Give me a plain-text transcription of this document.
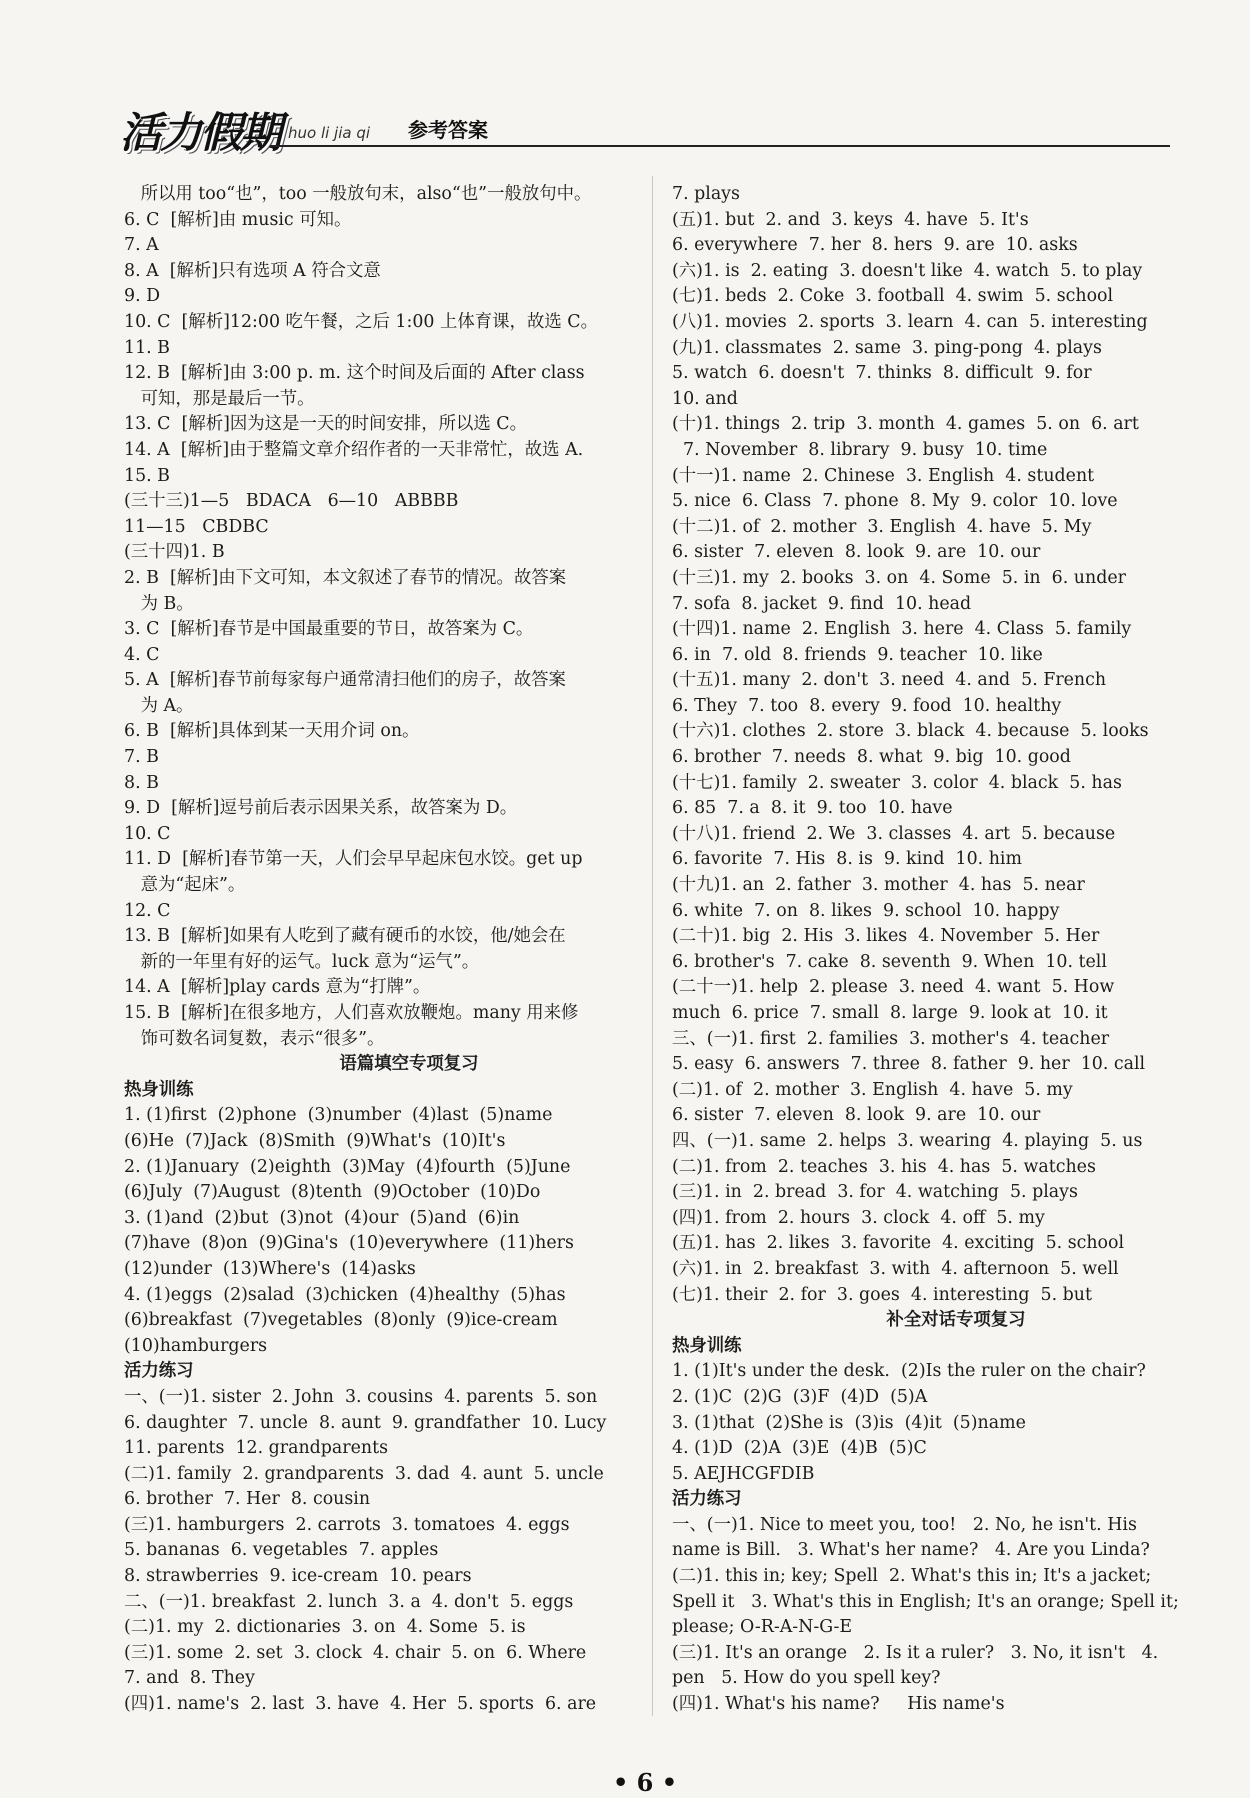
活力假期 huo li jia qi 参考答案
所以用 too“也”，too 一般放句末，also“也”一般放句中。
6. C  [解析]由 music 可知。
7. A
8. A  [解析]只有选项 A 符合文意
9. D
10. C  [解析]12:00 吃午餐，之后 1:00 上体育课，故选 C。
11. B
12. B  [解析]由 3:00 p. m. 这个时间及后面的 After class
可知，那是最后一节。
13. C  [解析]因为这是一天的时间安排，所以选 C。
14. A  [解析]由于整篇文章介绍作者的一天非常忙，故选 A.
15. B
(三十三)1—5   BDACA   6—10   ABBBB
11—15   CBDBC
(三十四)1. B
2. B  [解析]由下文可知，本文叙述了春节的情况。故答案
为 B。
3. C  [解析]春节是中国最重要的节日，故答案为 C。
4. C
5. A  [解析]春节前每家每户通常清扫他们的房子，故答案
为 A。
6. B  [解析]具体到某一天用介词 on。
7. B
8. B
9. D  [解析]逗号前后表示因果关系，故答案为 D。
10. C
11. D  [解析]春节第一天，人们会早早起床包水饺。get up
意为“起床”。
12. C
13. B  [解析]如果有人吃到了藏有硬币的水饺，他/她会在
新的一年里有好的运气。luck 意为“运气”。
14. A  [解析]play cards 意为“打牌”。
15. B  [解析]在很多地方，人们喜欢放鞭炮。many 用来修
饰可数名词复数，表示“很多”。
语篇填空专项复习
热身训练
1. (1)first  (2)phone  (3)number  (4)last  (5)name
(6)He  (7)Jack  (8)Smith  (9)What's  (10)It's
2. (1)January  (2)eighth  (3)May  (4)fourth  (5)June
(6)July  (7)August  (8)tenth  (9)October  (10)Do
3. (1)and  (2)but  (3)not  (4)our  (5)and  (6)in
(7)have  (8)on  (9)Gina's  (10)everywhere  (11)hers
(12)under  (13)Where's  (14)asks
4. (1)eggs  (2)salad  (3)chicken  (4)healthy  (5)has
(6)breakfast  (7)vegetables  (8)only  (9)ice-cream
(10)hamburgers
活力练习
一、(一)1. sister  2. John  3. cousins  4. parents  5. son
6. daughter  7. uncle  8. aunt  9. grandfather  10. Lucy
11. parents  12. grandparents
(二)1. family  2. grandparents  3. dad  4. aunt  5. uncle
6. brother  7. Her  8. cousin
(三)1. hamburgers  2. carrots  3. tomatoes  4. eggs
5. bananas  6. vegetables  7. apples
8. strawberries  9. ice-cream  10. pears
二、(一)1. breakfast  2. lunch  3. a  4. don't  5. eggs
(二)1. my  2. dictionaries  3. on  4. Some  5. is
(三)1. some  2. set  3. clock  4. chair  5. on  6. Where
7. and  8. They
(四)1. name's  2. last  3. have  4. Her  5. sports  6. are
7. plays
(五)1. but  2. and  3. keys  4. have  5. It's
6. everywhere  7. her  8. hers  9. are  10. asks
(六)1. is  2. eating  3. doesn't like  4. watch  5. to play
(七)1. beds  2. Coke  3. football  4. swim  5. school
(八)1. movies  2. sports  3. learn  4. can  5. interesting
(九)1. classmates  2. same  3. ping-pong  4. plays
5. watch  6. doesn't  7. thinks  8. difficult  9. for
10. and
(十)1. things  2. trip  3. month  4. games  5. on  6. art
7. November  8. library  9. busy  10. time
(十一)1. name  2. Chinese  3. English  4. student
5. nice  6. Class  7. phone  8. My  9. color  10. love
(十二)1. of  2. mother  3. English  4. have  5. My
6. sister  7. eleven  8. look  9. are  10. our
(十三)1. my  2. books  3. on  4. Some  5. in  6. under
7. sofa  8. jacket  9. find  10. head
(十四)1. name  2. English  3. here  4. Class  5. family
6. in  7. old  8. friends  9. teacher  10. like
(十五)1. many  2. don't  3. need  4. and  5. French
6. They  7. too  8. every  9. food  10. healthy
(十六)1. clothes  2. store  3. black  4. because  5. looks
6. brother  7. needs  8. what  9. big  10. good
(十七)1. family  2. sweater  3. color  4. black  5. has
6. 85  7. a  8. it  9. too  10. have
(十八)1. friend  2. We  3. classes  4. art  5. because
6. favorite  7. His  8. is  9. kind  10. him
(十九)1. an  2. father  3. mother  4. has  5. near
6. white  7. on  8. likes  9. school  10. happy
(二十)1. big  2. His  3. likes  4. November  5. Her
6. brother's  7. cake  8. seventh  9. When  10. tell
(二十一)1. help  2. please  3. need  4. want  5. How
much  6. price  7. small  8. large  9. look at  10. it
三、(一)1. first  2. families  3. mother's  4. teacher
5. easy  6. answers  7. three  8. father  9. her  10. call
(二)1. of  2. mother  3. English  4. have  5. my
6. sister  7. eleven  8. look  9. are  10. our
四、(一)1. same  2. helps  3. wearing  4. playing  5. us
(二)1. from  2. teaches  3. his  4. has  5. watches
(三)1. in  2. bread  3. for  4. watching  5. plays
(四)1. from  2. hours  3. clock  4. off  5. my
(五)1. has  2. likes  3. favorite  4. exciting  5. school
(六)1. in  2. breakfast  3. with  4. afternoon  5. well
(七)1. their  2. for  3. goes  4. interesting  5. but
补全对话专项复习
热身训练
1. (1)It's under the desk.  (2)Is the ruler on the chair?
2. (1)C  (2)G  (3)F  (4)D  (5)A
3. (1)that  (2)She is  (3)is  (4)it  (5)name
4. (1)D  (2)A  (3)E  (4)B  (5)C
5. AEJHCGFDIB
活力练习
一、(一)1. Nice to meet you, too!   2. No, he isn't. His
name is Bill.   3. What's her name?   4. Are you Linda?
(二)1. this in; key; Spell  2. What's this in; It's a jacket;
Spell it   3. What's this in English; It's an orange; Spell it;
please; O-R-A-N-G-E
(三)1. It's an orange   2. Is it a ruler?   3. No, it isn't   4.
pen   5. How do you spell key?
(四)1. What's his name?     His name's
• 6 •
